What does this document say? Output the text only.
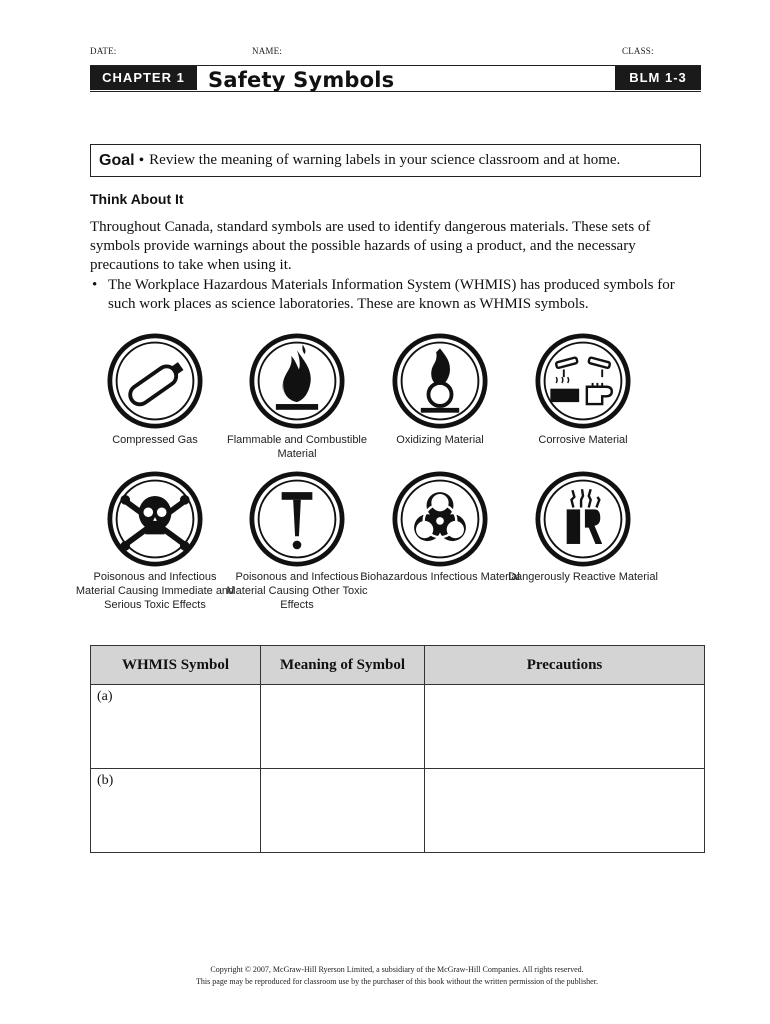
DATE:	NAME:	CLASS:
CHAPTER 1	Safety Symbols	BLM 1-3
Goal • Review the meaning of warning labels in your science classroom and at home.
Think About It
Throughout Canada, standard symbols are used to identify dangerous materials. These sets of symbols provide warnings about the possible hazards of using a product, and the necessary precautions to take when using it.
• The Workplace Hazardous Materials Information System (WHMIS) has produced symbols for such work places as science laboratories. These are known as WHMIS symbols.
Compressed Gas	Flammable and Combustible Material
Oxidizing Material	Corrosive Material
Poisonous and Infectious Material Causing Immediate and Serious Toxic Effects
Poisonous and Infectious Material Causing Other Toxic Effects
Biohazardous Infectious Material
Dangerously Reactive Material
WHMIS Symbol	Meaning of Symbol	Precautions
(a)		
(b)		
Copyright © 2007, McGraw-Hill Ryerson Limited, a subsidiary of the McGraw-Hill Companies. All rights reserved.
This page may be reproduced for classroom use by the purchaser of this book without the written permission of the publisher.
